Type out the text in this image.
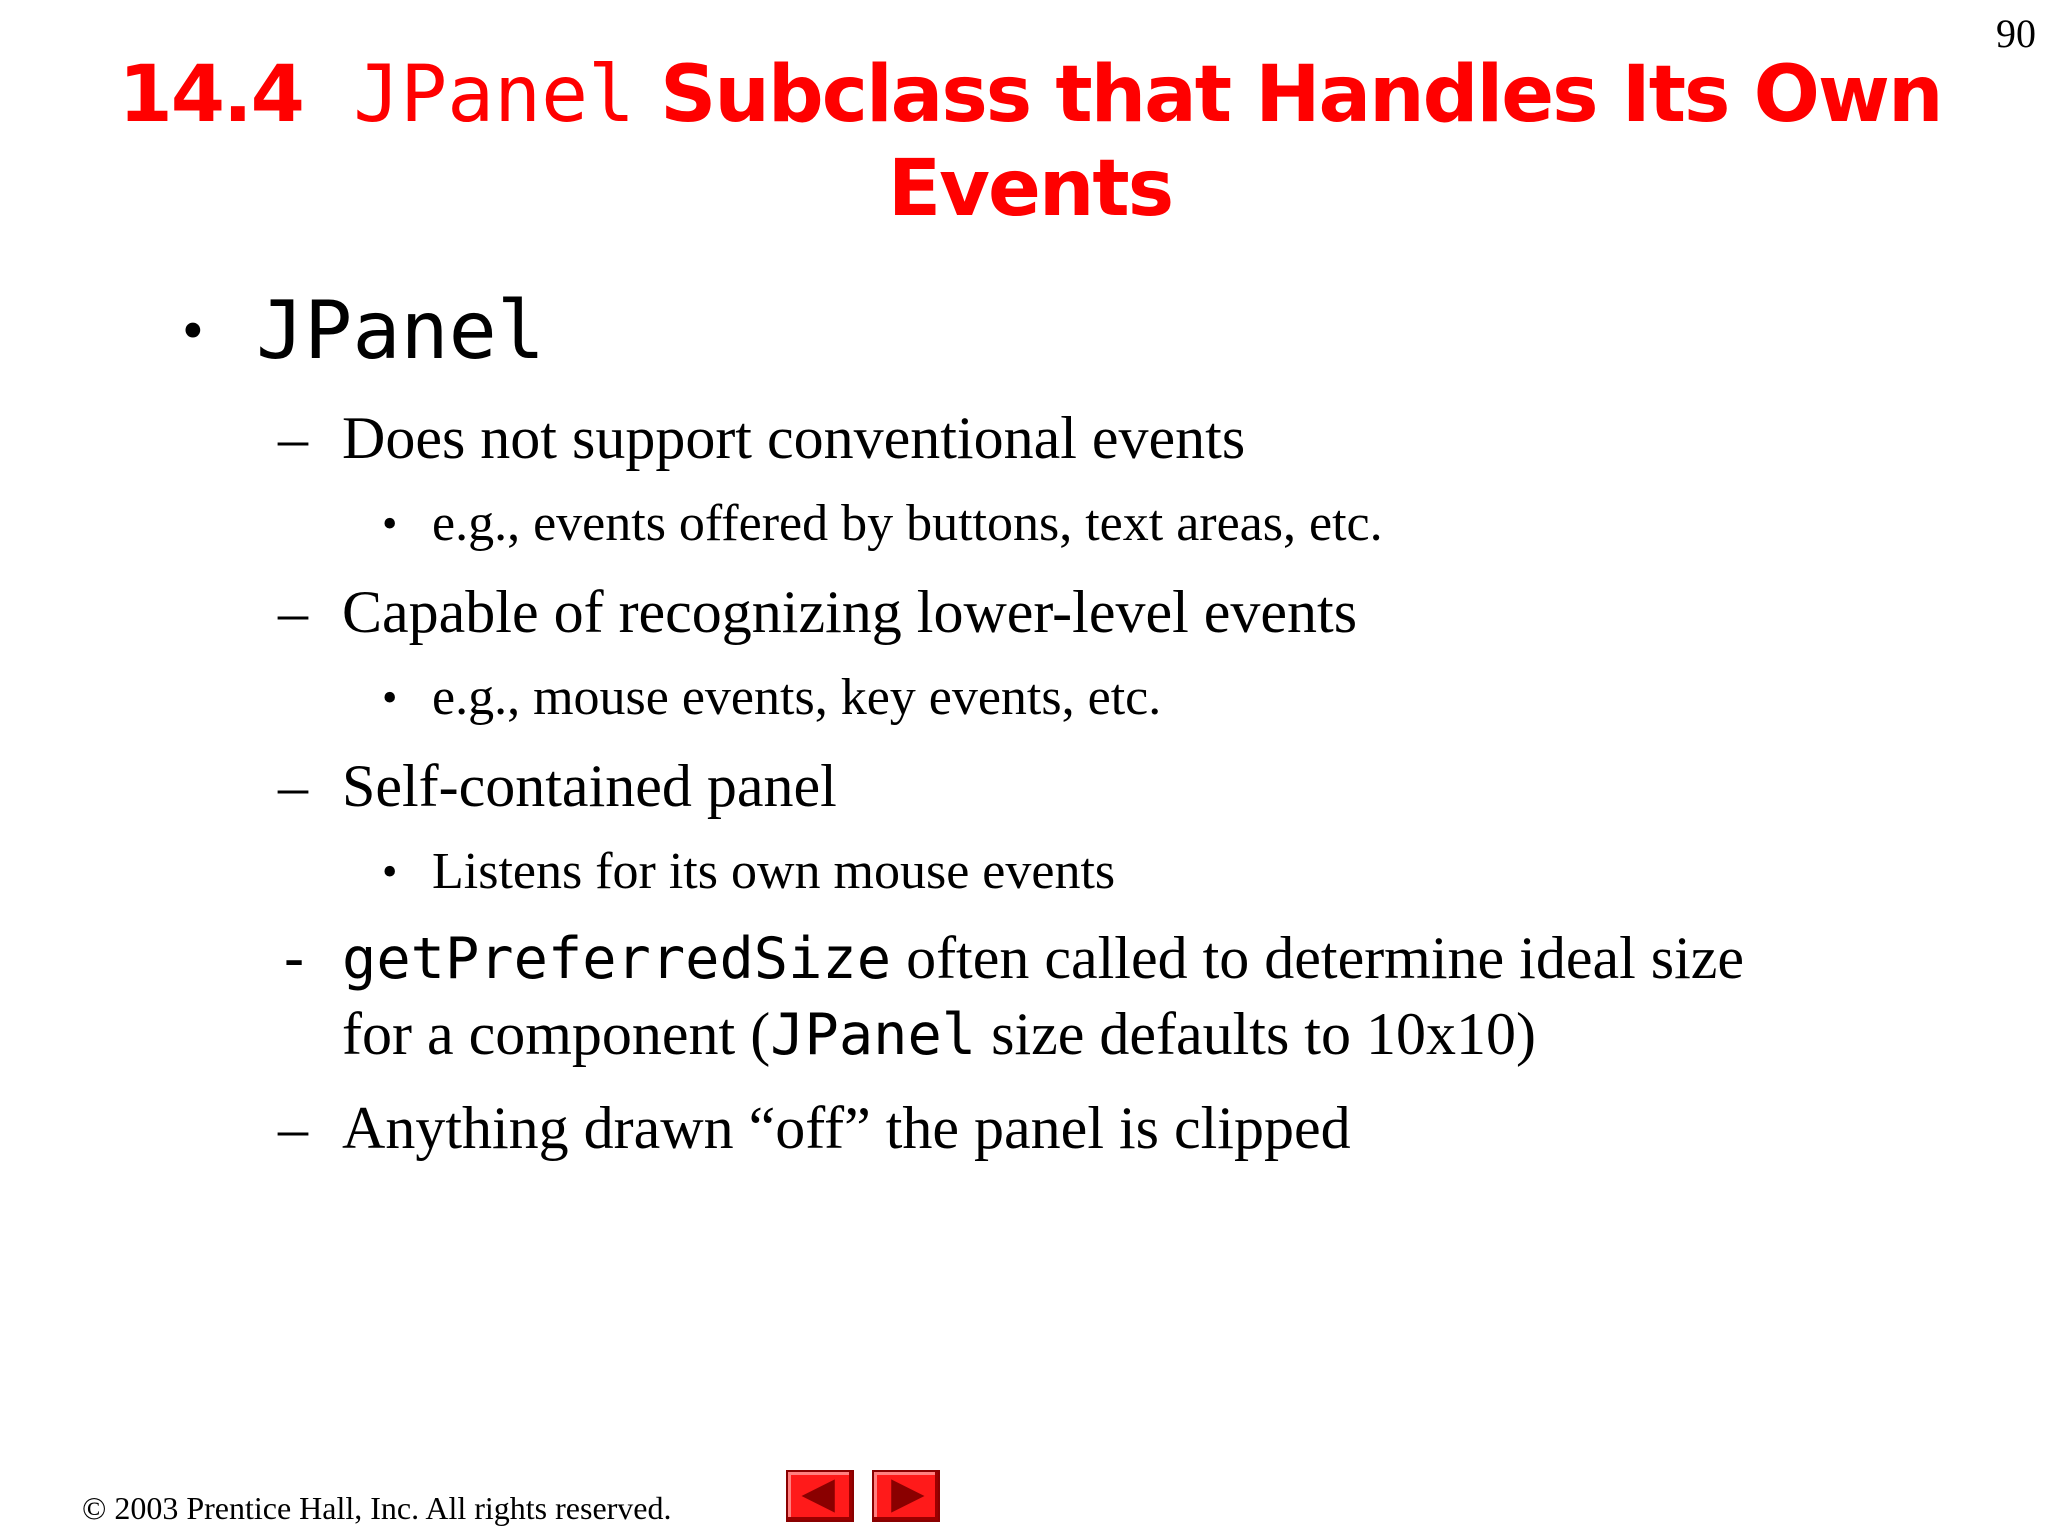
90
14.4 JPanel Subclass that Handles Its Own
Events
• JPanel
– Does not support conventional events
• e.g., events offered by buttons, text areas, etc.
– Capable of recognizing lower-level events
• e.g., mouse events, key events, etc.
– Self-contained panel
• Listens for its own mouse events
- getPreferredSize often called to determine ideal size
for a component (JPanel size defaults to 10x10)
– Anything drawn “off” the panel is clipped
© 2003 Prentice Hall, Inc. All rights reserved.
